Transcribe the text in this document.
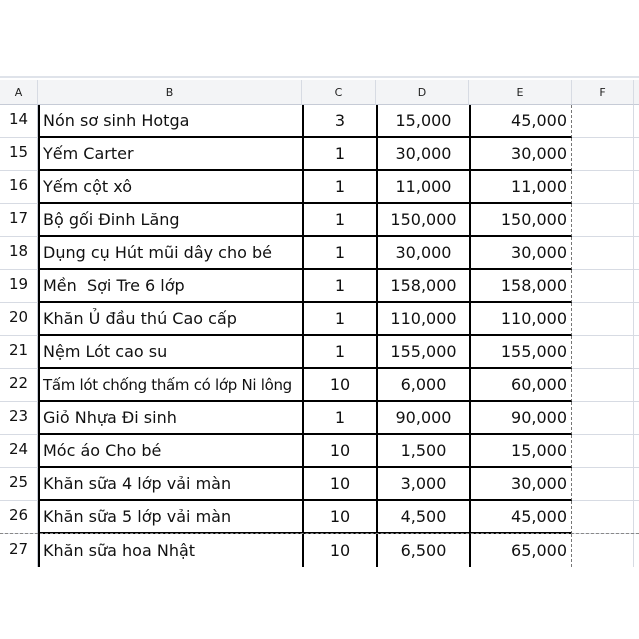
A	B	C	D	E	F
14 Nón sơ sinh Hotga	3	15,000	45,000
15 Yếm Carter	1	30,000	30,000
16 Yếm cột xô	1	11,000	11,000
17 Bộ gối Đinh Lăng	1	150,000	150,000
18 Dụng cụ Hút mũi dây cho bé	1	30,000	30,000
19 Mền  Sợi Tre 6 lớp	1	158,000	158,000
20 Khăn Ủ đầu thú Cao cấp	1	110,000	110,000
21 Nệm Lót cao su	1	155,000	155,000
22 Tấm lót chống thấm có lớp Ni lông	10	6,000	60,000
23 Giỏ Nhựa Đi sinh	1	90,000	90,000
24 Móc áo Cho bé	10	1,500	15,000
25 Khăn sữa 4 lớp vải màn	10	3,000	30,000
26 Khăn sữa 5 lớp vải màn	10	4,500	45,000
27 Khăn sữa hoa Nhật	10	6,500	65,000
